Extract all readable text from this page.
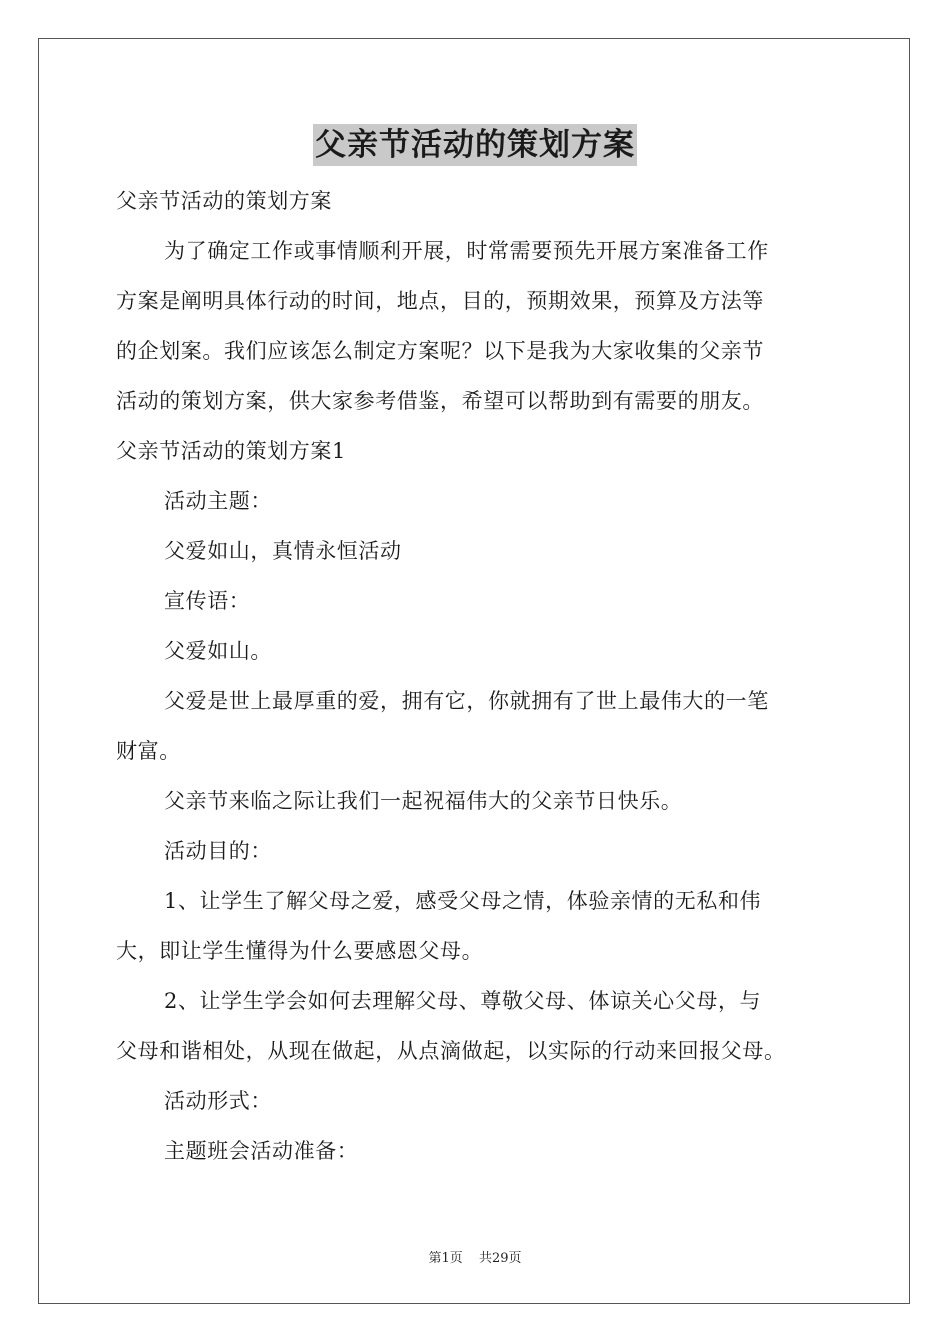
父亲节活动的策划方案
父亲节活动的策划方案
为了确定工作或事情顺利开展，时常需要预先开展方案准备工作
方案是阐明具体行动的时间，地点，目的，预期效果，预算及方法等
的企划案。我们应该怎么制定方案呢？以下是我为大家收集的父亲节
活动的策划方案，供大家参考借鉴，希望可以帮助到有需要的朋友。
父亲节活动的策划方案1
活动主题：
父爱如山，真情永恒活动
宣传语：
父爱如山。
父爱是世上最厚重的爱，拥有它，你就拥有了世上最伟大的一笔
财富。
父亲节来临之际让我们一起祝福伟大的父亲节日快乐。
活动目的：
1、让学生了解父母之爱，感受父母之情，体验亲情的无私和伟
大，即让学生懂得为什么要感恩父母。
2、让学生学会如何去理解父母、尊敬父母、体谅关心父母，与
父母和谐相处，从现在做起，从点滴做起，以实际的行动来回报父母。
活动形式：
主题班会活动准备：
第1页 共29页
